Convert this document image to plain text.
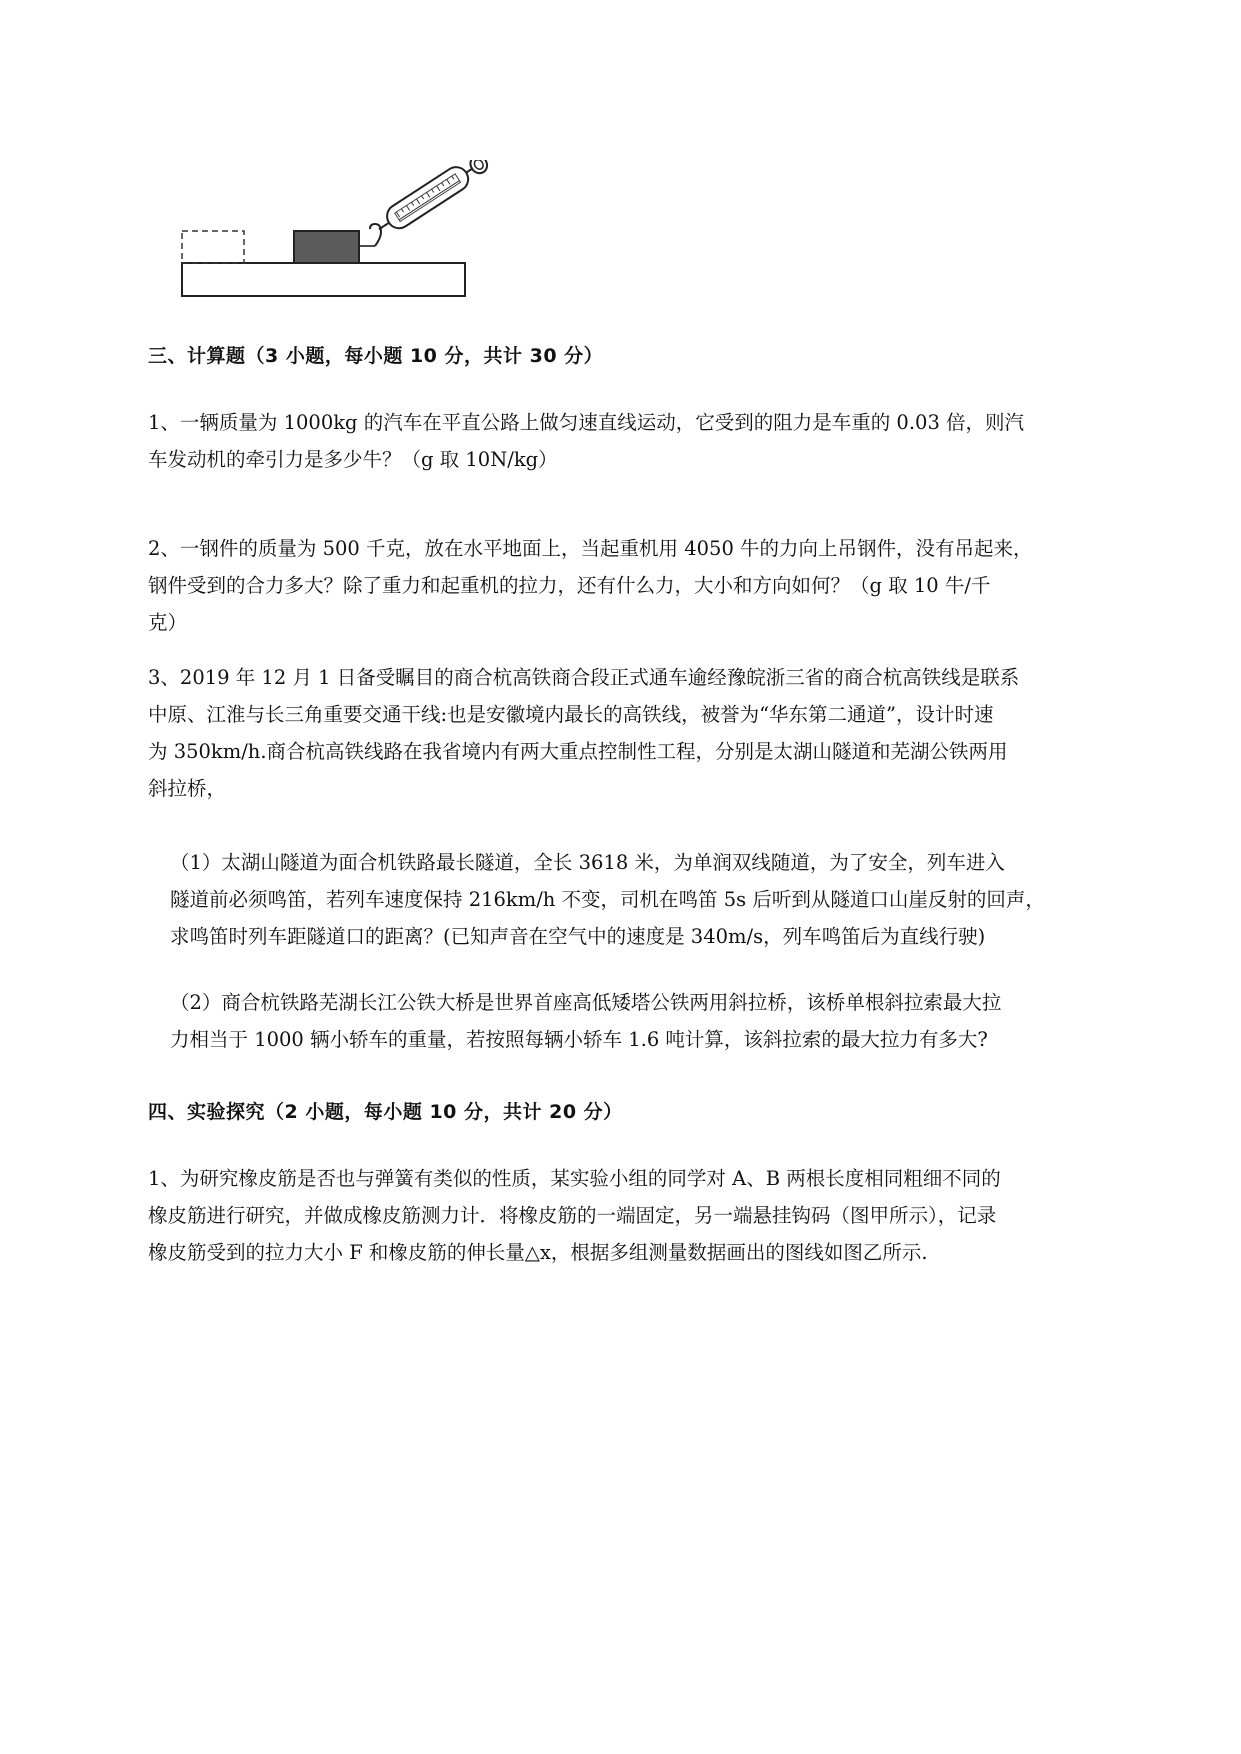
三、计算题（3 小题，每小题 10 分，共计 30 分）
1、一辆质量为 1000kg 的汽车在平直公路上做匀速直线运动，它受到的阻力是车重的 0.03 倍，则汽
车发动机的牵引力是多少牛？（g 取 10N/kg）
2、一钢件的质量为 500 千克，放在水平地面上，当起重机用 4050 牛的力向上吊钢件，没有吊起来，
钢件受到的合力多大？除了重力和起重机的拉力，还有什么力，大小和方向如何？（g 取 10 牛/千
克）
3、2019 年 12 月 1 日备受瞩目的商合杭高铁商合段正式通车逾经豫皖浙三省的商合杭高铁线是联系
中原、江淮与长三角重要交通干线:也是安徽境内最长的高铁线，被誉为“华东第二通道”，设计时速
为 350km/h.商合杭高铁线路在我省境内有两大重点控制性工程，分别是太湖山隧道和芜湖公铁两用
斜拉桥，
（1）太湖山隧道为面合机铁路最长隧道，全长 3618 米，为单润双线随道，为了安全，列车进入
隧道前必须鸣笛，若列车速度保持 216km/h 不变，司机在鸣笛 5s 后听到从隧道口山崖反射的回声，
求鸣笛时列车距隧道口的距离？(已知声音在空气中的速度是 340m/s，列车鸣笛后为直线行驶)
（2）商合杭铁路芜湖长江公铁大桥是世界首座高低矮塔公铁两用斜拉桥，该桥单根斜拉索最大拉
力相当于 1000 辆小轿车的重量，若按照每辆小轿车 1.6 吨计算，该斜拉索的最大拉力有多大?
四、实验探究（2 小题，每小题 10 分，共计 20 分）
1、为研究橡皮筋是否也与弹簧有类似的性质，某实验小组的同学对 A、B 两根长度相同粗细不同的
橡皮筋进行研究，并做成橡皮筋测力计．将橡皮筋的一端固定，另一端悬挂钩码（图甲所示），记录
橡皮筋受到的拉力大小 F 和橡皮筋的伸长量△x，根据多组测量数据画出的图线如图乙所示.
